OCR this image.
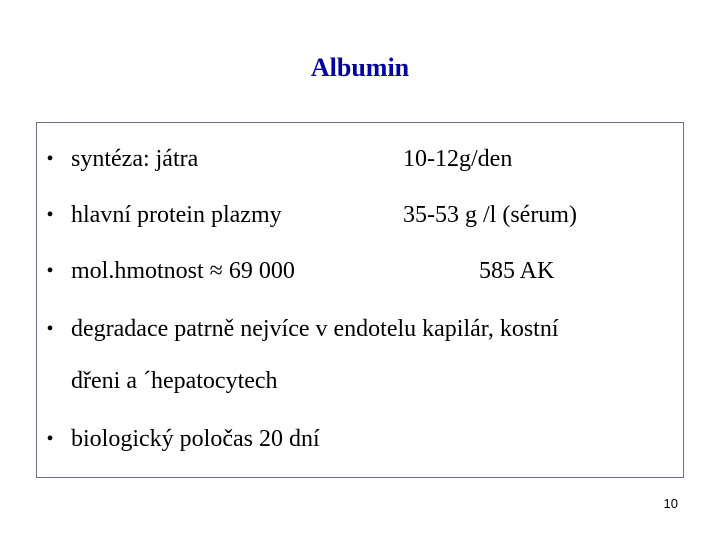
Albumin
• syntéza: játra	10-12g/den
• hlavní protein plazmy	35-53 g /l (sérum)
• mol.hmotnost ≈ 69 000	585 AK
• degradace patrně nejvíce v endotelu kapilár, kostní
dřeni a ´hepatocytech
• biologický poločas 20 dní
10
